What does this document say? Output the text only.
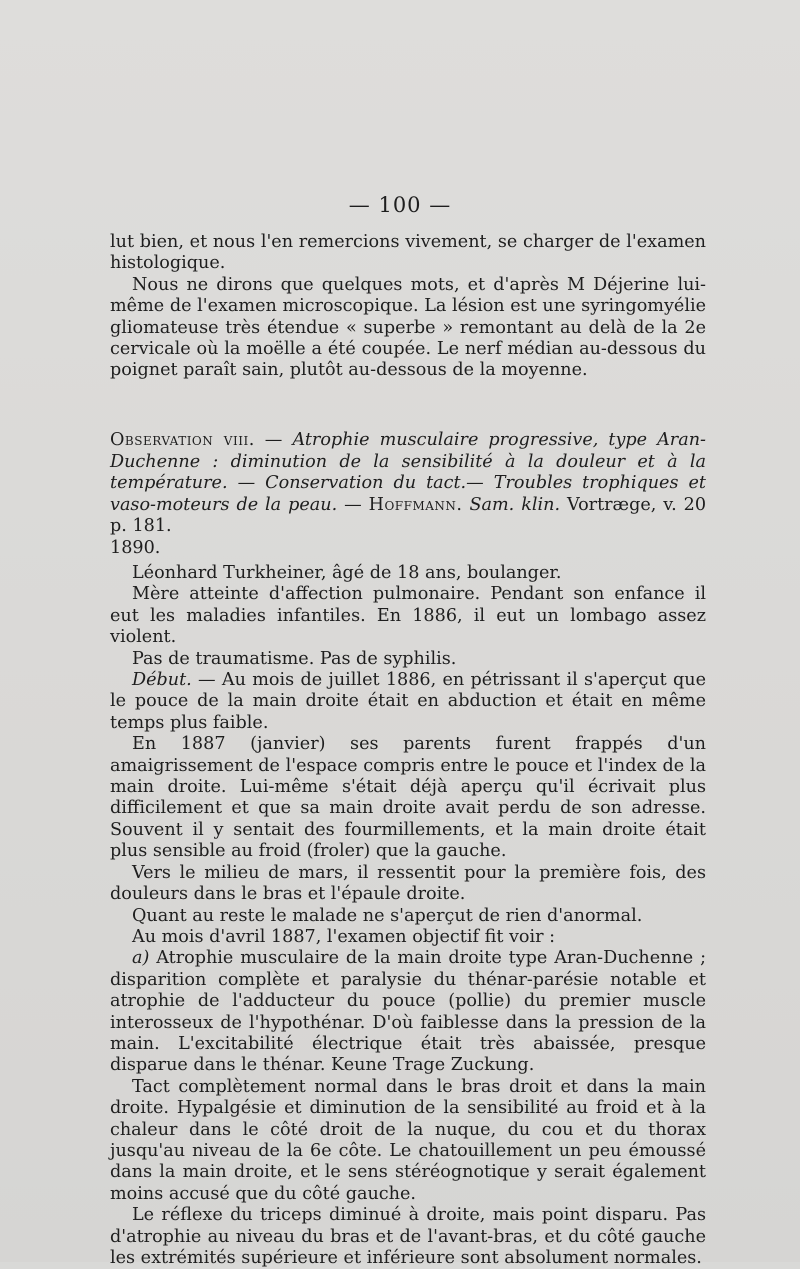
— 100 —

lut bien, et nous l'en remercions vivement, se charger de l'examen histologique.

Nous ne dirons que quelques mots, et d'après M Déjerine lui-même de l'examen microscopique. La lésion est une syringomyélie gliomateuse très étendue « superbe » remontant au delà de la 2e cervicale où la moëlle a été coupée. Le nerf médian au-dessous du poignet paraît sain, plutôt au-dessous de la moyenne.

Observation viii. — Atrophie musculaire progressive, type Aran-Duchenne : diminution de la sensibilité à la douleur et à la température. — Conservation du tact.— Troubles trophiques et vaso-moteurs de la peau. — Hoffmann. Sam. klin. Vortræge, v. 20 p. 181.
1890.

Léonhard Turkheiner, âgé de 18 ans, boulanger.

Mère atteinte d'affection pulmonaire. Pendant son enfance il eut les maladies infantiles. En 1886, il eut un lombago assez violent.

Pas de traumatisme. Pas de syphilis.

Début. — Au mois de juillet 1886, en pétrissant il s'aperçut que le pouce de la main droite était en abduction et était en même temps plus faible.

En 1887 (janvier) ses parents furent frappés d'un amaigrissement de l'espace compris entre le pouce et l'index de la main droite. Lui-même s'était déjà aperçu qu'il écrivait plus difficilement et que sa main droite avait perdu de son adresse. Souvent il y sentait des fourmillements, et la main droite était plus sensible au froid (froler) que la gauche.

Vers le milieu de mars, il ressentit pour la première fois, des douleurs dans le bras et l'épaule droite.

Quant au reste le malade ne s'aperçut de rien d'anormal.

Au mois d'avril 1887, l'examen objectif fit voir :

a) Atrophie musculaire de la main droite type Aran-Duchenne ; disparition complète et paralysie du thénar-parésie notable et atrophie de l'adducteur du pouce (pollie) du premier muscle interosseux de l'hypothénar. D'où faiblesse dans la pression de la main. L'excitabilité électrique était très abaissée, presque disparue dans le thénar. Keune Trage Zuckung.

Tact complètement normal dans le bras droit et dans la main droite. Hypalgésie et diminution de la sensibilité au froid et à la chaleur dans le côté droit de la nuque, du cou et du thorax jusqu'au niveau de la 6e côte. Le chatouillement un peu émoussé dans la main droite, et le sens stéréognotique y serait également moins accusé que du côté gauche.

Le réflexe du triceps diminué à droite, mais point disparu. Pas d'atrophie au niveau du bras et de l'avant-bras, et du côté gauche les extrémités supérieure et inférieure sont absolument normales.
